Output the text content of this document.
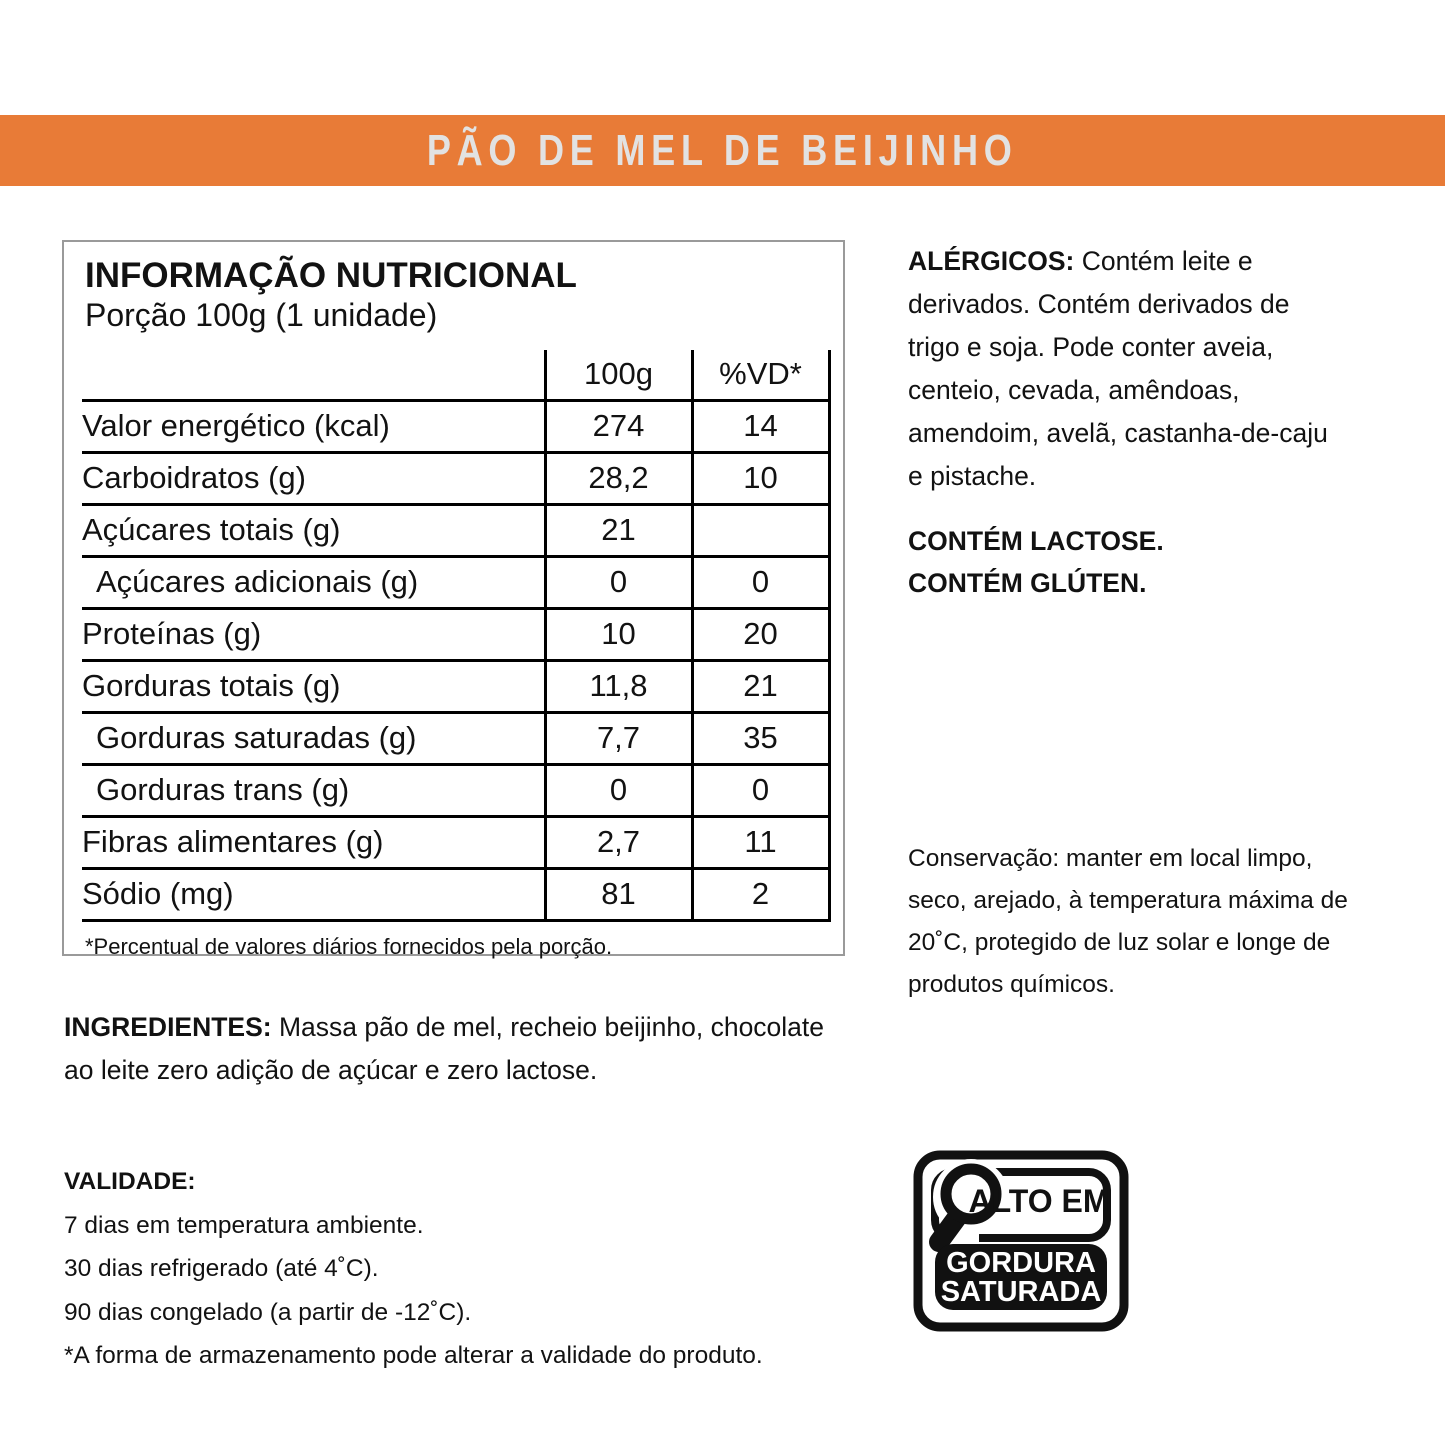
PÃO DE MEL DE BEIJINHO
INFORMAÇÃO NUTRICIONAL
Porção 100g (1 unidade)
	100g	%VD*
Valor energético (kcal)	274	14
Carboidratos (g)	28,2	10
Açúcares totais (g)	21	
Açúcares adicionais (g)	0	0
Proteínas (g)	10	20
Gorduras totais (g)	11,8	21
Gorduras saturadas (g)	7,7	35
Gorduras trans (g)	0	0
Fibras alimentares (g)	2,7	11
Sódio (mg)	81	2
*Percentual de valores diários fornecidos pela porção.
ALÉRGICOS: Contém leite e derivados. Contém derivados de trigo e soja. Pode conter aveia, centeio, cevada, amêndoas, amendoim, avelã, castanha-de-caju e pistache.
CONTÉM LACTOSE.
CONTÉM GLÚTEN.
Conservação: manter em local limpo, seco, arejado, à temperatura máxima de 20˚C, protegido de luz solar e longe de produtos químicos.
INGREDIENTES: Massa pão de mel, recheio beijinho, chocolate ao leite zero adição de açúcar e zero lactose.
VALIDADE:
7 dias em temperatura ambiente.
30 dias refrigerado (até 4˚C).
90 dias congelado (a partir de -12˚C).
*A forma de armazenamento pode alterar a validade do produto.
ALTO EM
GORDURA
SATURADA
